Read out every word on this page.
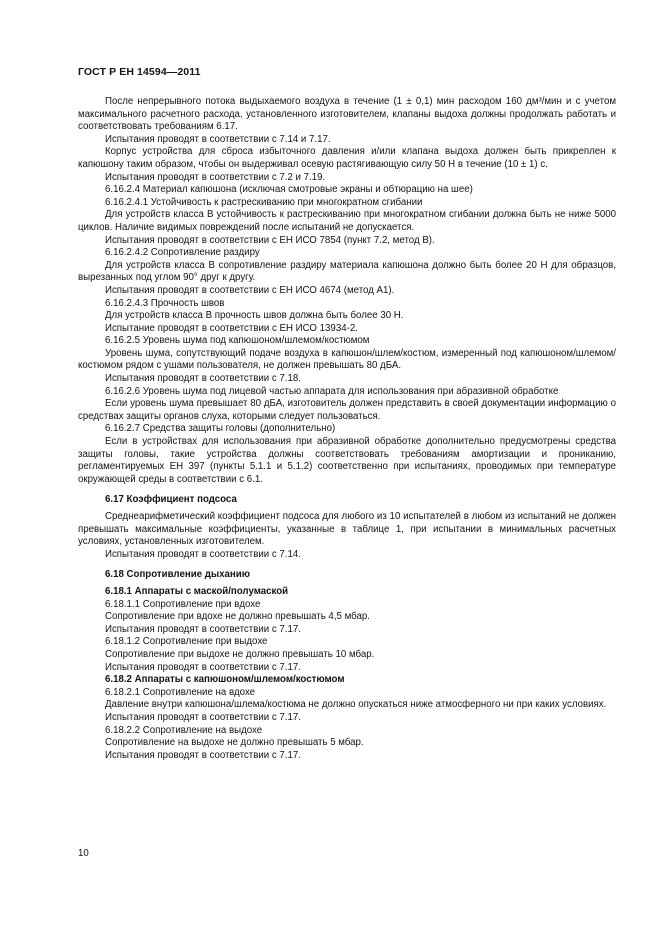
ГОСТ Р ЕН 14594—2011

После непрерывного потока выдыхаемого воздуха в течение (1 ± 0,1) мин расходом 160 дм³/мин и с учетом максимального расчетного расхода, установленного изготовителем, клапаны выдоха должны продолжать работать и соответствовать требованиям 6.17.

Испытания проводят в соответствии с 7.14 и 7.17.

Корпус устройства для сброса избыточного давления и/или клапана выдоха должен быть прикреплен к капюшону таким образом, чтобы он выдерживал осевую растягивающую силу 50 Н в течение (10 ± 1) с.

Испытания проводят в соответствии с 7.2 и 7.19.

6.16.2.4 Материал капюшона (исключая смотровые экраны и обтюрацию на шее)

6.16.2.4.1 Устойчивость к растрескиванию при многократном сгибании

Для устройств класса В устойчивость к растрескиванию при многократном сгибании должна быть не ниже 5000 циклов. Наличие видимых повреждений после испытаний не допускается.

Испытания проводят в соответствии с ЕН ИСО 7854 (пункт 7.2, метод В).

6.16.2.4.2 Сопротивление раздиру

Для устройств класса В сопротивление раздиру материала капюшона должно быть более 20 Н для образцов, вырезанных под углом 90° друг к другу.

Испытания проводят в соответствии с ЕН ИСО 4674 (метод А1).

6.16.2.4.3 Прочность швов

Для устройств класса В прочность швов должна быть более 30 Н.

Испытание проводят в соответствии с ЕН ИСО 13934-2.

6.16.2.5 Уровень шума под капюшоном/шлемом/костюмом

Уровень шума, сопутствующий подаче воздуха в капюшон/шлем/костюм, измеренный под капюшоном/шлемом/костюмом рядом с ушами пользователя, не должен превышать 80 дБА.

Испытания проводят в соответствии с 7.18.

6.16.2.6 Уровень шума под лицевой частью аппарата для использования при абразивной обработке

Если уровень шума превышает 80 дБА, изготовитель должен представить в своей документации информацию о средствах защиты органов слуха, которыми следует пользоваться.

6.16.2.7 Средства защиты головы (дополнительно)

Если в устройствах для использования при абразивной обработке дополнительно предусмотрены средства защиты головы, такие устройства должны соответствовать требованиям амортизации и прониканию, регламентируемых ЕН 397 (пункты 5.1.1 и 5.1.2) соответственно при испытаниях, проводимых при температуре окружающей среды в соответствии с 6.1.

6.17 Коэффициент подсоса

Среднеарифметический коэффициент подсоса для любого из 10 испытателей в любом из испытаний не должен превышать максимальные коэффициенты, указанные в таблице 1, при испытании в минимальных расчетных условиях, установленных изготовителем.

Испытания проводят в соответствии с 7.14.

6.18 Сопротивление дыханию

6.18.1 Аппараты с маской/полумаской

6.18.1.1 Сопротивление при вдохе

Сопротивление при вдохе не должно превышать 4,5 мбар.

Испытания проводят в соответствии с 7.17.

6.18.1.2 Сопротивление при выдохе

Сопротивление при выдохе не должно превышать 10 мбар.

Испытания проводят в соответствии с 7.17.

6.18.2 Аппараты с капюшоном/шлемом/костюмом

6.18.2.1 Сопротивление на вдохе

Давление внутри капюшона/шлема/костюма не должно опускаться ниже атмосферного ни при каких условиях.

Испытания проводят в соответствии с 7.17.

6.18.2.2 Сопротивление на выдохе

Сопротивление на выдохе не должно превышать 5 мбар.

Испытания проводят в соответствии с 7.17.

10
